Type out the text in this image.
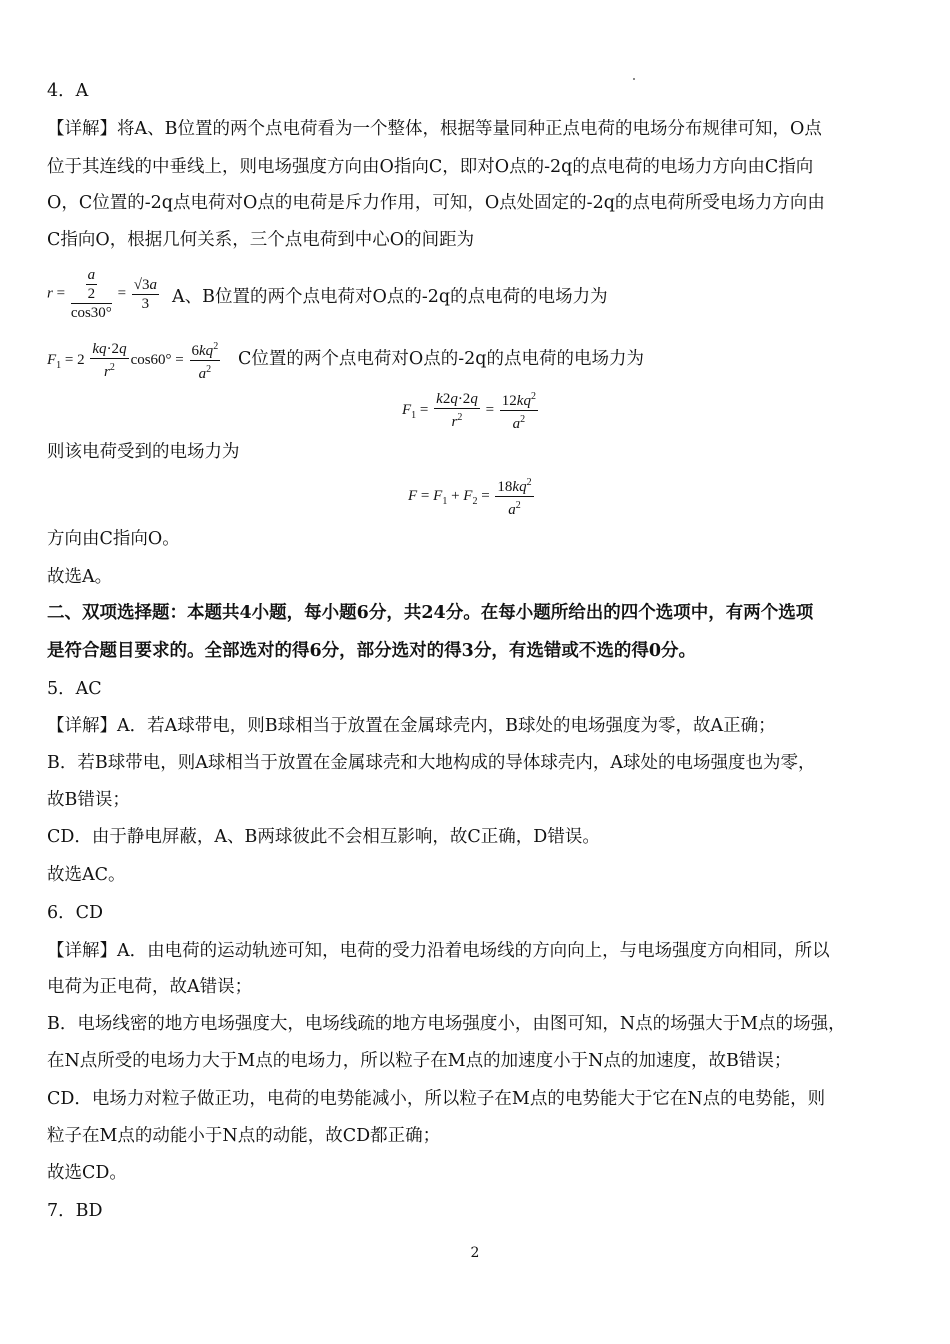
4．A
【详解】将A、B位置的两个点电荷看为一个整体，根据等量同种正点电荷的电场分布规律可知，O点
位于其连线的中垂线上，则电场强度方向由O指向C，即对O点的-2q的点电荷的电场力方向由C指向
O，C位置的-2q点电荷对O点的电荷是斥力作用，可知，O点处固定的-2q的点电荷所受电场力方向由
C指向O，根据几何关系，三个点电荷到中心O的间距为
$r = \frac{\frac{a}{2}}{\cos 30^\circ} = \frac{√3a}{3}$ A、B位置的两个点电荷对O点的-2q的点电荷的电场力为
$F_1 = 2 \frac{kq\cdot 2q}{r^2} \cos 60^\circ = \frac{6kq^2}{a^2}$ C位置的两个点电荷对O点的-2q的点电荷的电场力为
$F_1 = \frac{k2q\cdot 2q}{r^2} = \frac{12kq^2}{a^2}$
则该电荷受到的电场力为
$F = F_1 + F_2 = \frac{18kq^2}{a^2}$
方向由C指向O。
故选A。
二、双项选择题：本题共4小题，每小题6分，共24分。在每小题所给出的四个选项中，有两个选项
是符合题目要求的。全部选对的得6分，部分选对的得3分，有选错或不选的得0分。
5．AC
【详解】A．若A球带电，则B球相当于放置在金属球壳内，B球处的电场强度为零，故A正确；
B．若B球带电，则A球相当于放置在金属球壳和大地构成的导体球壳内，A球处的电场强度也为零，
故B错误；
CD．由于静电屏蔽，A、B两球彼此不会相互影响，故C正确，D错误。
故选AC。
6．CD
【详解】A．由电荷的运动轨迹可知，电荷的受力沿着电场线的方向向上，与电场强度方向相同，所以
电荷为正电荷，故A错误；
B．电场线密的地方电场强度大，电场线疏的地方电场强度小，由图可知，N点的场强大于M点的场强，
在N点所受的电场力大于M点的电场力，所以粒子在M点的加速度小于N点的加速度，故B错误；
CD．电场力对粒子做正功，电荷的电势能减小，所以粒子在M点的电势能大于它在N点的电势能，则
粒子在M点的动能小于N点的动能，故CD都正确；
故选CD。
7．BD
2
